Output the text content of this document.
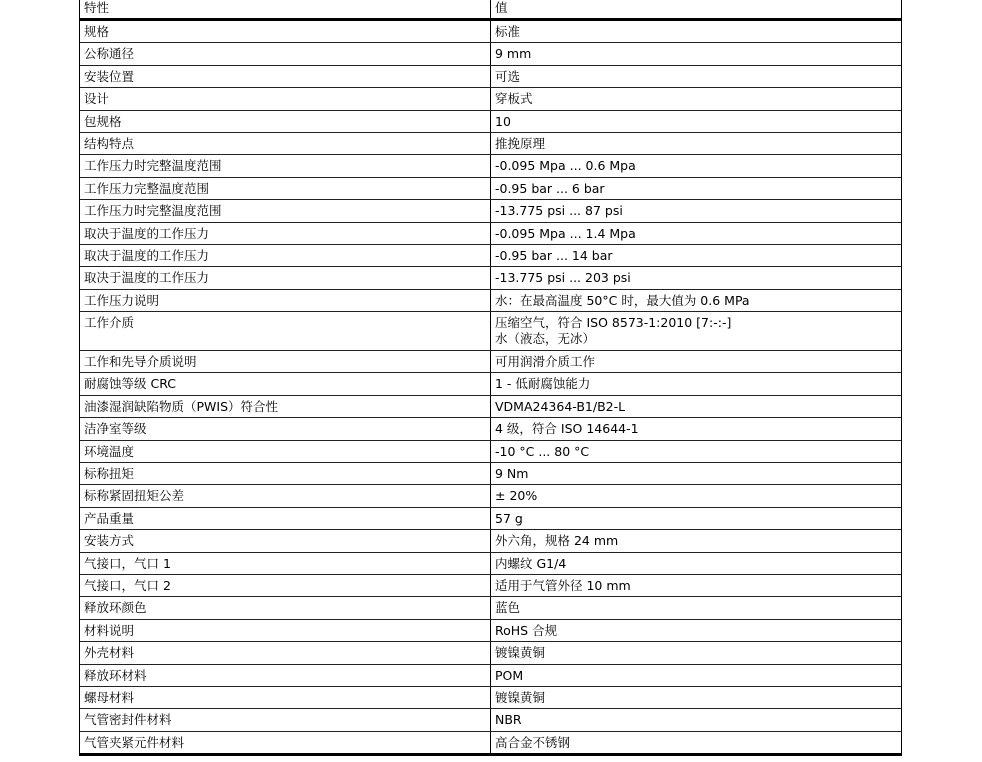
特性	值
规格	标准
公称通径	9 mm
安装位置	可选
设计	穿板式
包规格	10
结构特点	推挽原理
工作压力时完整温度范围	-0.095 Mpa ... 0.6 Mpa
工作压力完整温度范围	-0.95 bar ... 6 bar
工作压力时完整温度范围	-13.775 psi ... 87 psi
取决于温度的工作压力	-0.095 Mpa ... 1.4 Mpa
取决于温度的工作压力	-0.95 bar ... 14 bar
取决于温度的工作压力	-13.775 psi ... 203 psi
工作压力说明	水：在最高温度 50°C 时，最大值为 0.6 MPa
工作介质	压缩空气，符合 ISO 8573-1:2010 [7:-:-]
水（液态，无冰）
工作和先导介质说明	可用润滑介质工作
耐腐蚀等级 CRC	1 - 低耐腐蚀能力
油漆湿润缺陷物质（PWIS）符合性	VDMA24364-B1/B2-L
洁净室等级	4 级，符合 ISO 14644-1
环境温度	-10 °C ... 80 °C
标称扭矩	9 Nm
标称紧固扭矩公差	± 20%
产品重量	57 g
安装方式	外六角，规格 24 mm
气接口，气口 1	内螺纹 G1/4
气接口，气口 2	适用于气管外径 10 mm
释放环颜色	蓝色
材料说明	RoHS 合规
外壳材料	镀镍黄铜
释放环材料	POM
螺母材料	镀镍黄铜
气管密封件材料	NBR
气管夹紧元件材料	高合金不锈钢
